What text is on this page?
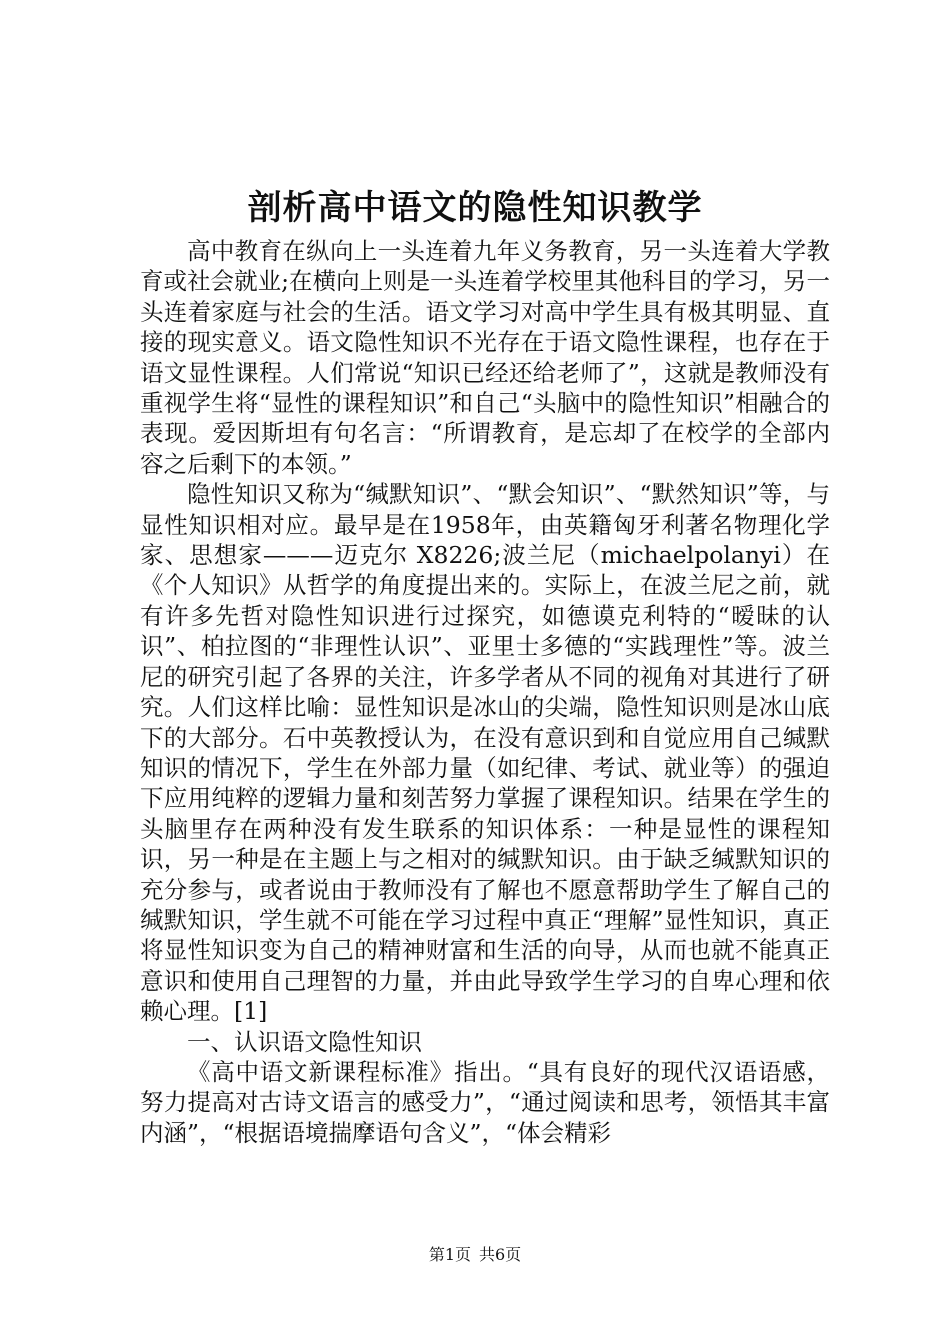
剖析高中语文的隐性知识教学

高中教育在纵向上一头连着九年义务教育，另一头连着大学教育或社会就业;在横向上则是一头连着学校里其他科目的学习，另一头连着家庭与社会的生活。语文学习对高中学生具有极其明显、直接的现实意义。语文隐性知识不光存在于语文隐性课程，也存在于语文显性课程。人们常说“知识已经还给老师了”，这就是教师没有重视学生将“显性的课程知识”和自己“头脑中的隐性知识”相融合的表现。爱因斯坦有句名言：“所谓教育，是忘却了在校学的全部内容之后剩下的本领。”

隐性知识又称为“缄默知识”、“默会知识”、“默然知识”等，与显性知识相对应。最早是在1958年，由英籍匈牙利著名物理化学家、思想家———迈克尔 X8226;波兰尼（michaelpolanyi）在《个人知识》从哲学的角度提出来的。实际上，在波兰尼之前，就有许多先哲对隐性知识进行过探究，如德谟克利特的“暧昧的认识”、柏拉图的“非理性认识”、亚里士多德的“实践理性”等。波兰尼的研究引起了各界的关注，许多学者从不同的视角对其进行了研究。人们这样比喻：显性知识是冰山的尖端，隐性知识则是冰山底下的大部分。石中英教授认为，在没有意识到和自觉应用自己缄默知识的情况下，学生在外部力量（如纪律、考试、就业等）的强迫下应用纯粹的逻辑力量和刻苦努力掌握了课程知识。结果在学生的头脑里存在两种没有发生联系的知识体系：一种是显性的课程知识，另一种是在主题上与之相对的缄默知识。由于缺乏缄默知识的充分参与，或者说由于教师没有了解也不愿意帮助学生了解自己的缄默知识，学生就不可能在学习过程中真正“理解”显性知识，真正将显性知识变为自己的精神财富和生活的向导，从而也就不能真正意识和使用自己理智的力量，并由此导致学生学习的自卑心理和依赖心理。[1]

一、认识语文隐性知识

《高中语文新课程标准》指出。“具有良好的现代汉语语感，努力提高对古诗文语言的感受力”，“通过阅读和思考，领悟其丰富内涵”，“根据语境揣摩语句含义”，“体会精彩

第1页 共6页
